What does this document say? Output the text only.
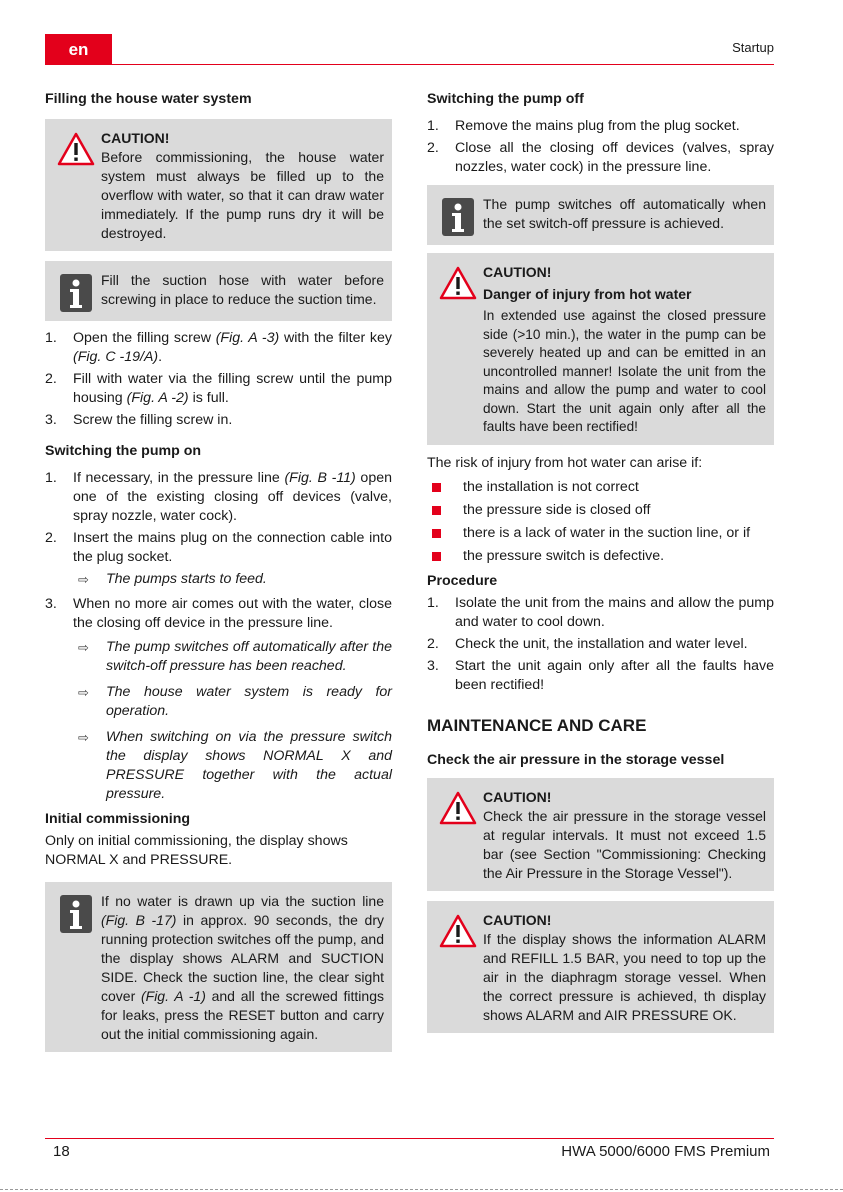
en	Startup
Filling the house water system
CAUTION!
Before commissioning, the house water system must always be filled up to the overflow with water, so that it can draw water immediately. If the pump runs dry it will be destroyed.
Fill the suction hose with water before screwing in place to reduce the suction time.
1.	Open the filling screw (Fig. A -3) with the filter key (Fig. C -19/A).
2.	Fill with water via the filling screw until the pump housing (Fig. A -2) is full.
3.	Screw the filling screw in.
Switching the pump on
1.	If necessary, in the pressure line (Fig. B -11) open one of the existing closing off devices (valve, spray nozzle, water cock).
2.	Insert the mains plug on the connection cable into the plug socket.
⇨	The pumps starts to feed.
3.	When no more air comes out with the water, close the closing off device in the pressure line.
⇨	The pump switches off automatically after the switch-off pressure has been reached.
⇨	The house water system is ready for operation.
⇨	When switching on via the pressure switch the display shows NORMAL X and PRESSURE together with the actual pressure.
Initial commissioning

Only on initial commissioning, the display shows NORMAL X and PRESSURE.

If no water is drawn up via the suction line (Fig. B -17) in approx. 90 seconds, the dry running protection switches off the pump, and the display shows ALARM and SUCTION SIDE. Check the suction line, the clear sight cover (Fig. A -1) and all the screwed fittings for leaks, press the RESET button and carry out the initial commissioning again.
Switching the pump off
1.	Remove the mains plug from the plug socket.
2.	Close all the closing off devices (valves, spray nozzles, water cock) in the pressure line.
The pump switches off automatically when the set switch-off pressure is achieved.
CAUTION!
Danger of injury from hot water
In extended use against the closed pressure side (>10 min.), the water in the pump can be severely heated up and can be emitted in an uncontrolled manner! Isolate the unit from the mains and allow the pump and water to cool down. Start the unit again only after all the faults have been rectified!

The risk of injury from hot water can arise if:

the installation is not correct
the pressure side is closed off
there is a lack of water in the suction line, or if
the pressure switch is defective.
Procedure
1.	Isolate the unit from the mains and allow the pump and water to cool down.
2.	Check the unit, the installation and water level.
3.	Start the unit again only after all the faults have been rectified!
MAINTENANCE AND CARE
Check the air pressure in the storage vessel
CAUTION!
Check the air pressure in the storage vessel at regular intervals. It must not exceed 1.5 bar (see Section "Commissioning: Checking the Air Pressure in the Storage Vessel").
CAUTION!
If the display shows the information ALARM and REFILL 1.5 BAR, you need to top up the air in the diaphragm storage vessel. When the correct pressure is achieved, th display shows ALARM and AIR PRESSURE OK.
18	HWA 5000/6000 FMS Premium
